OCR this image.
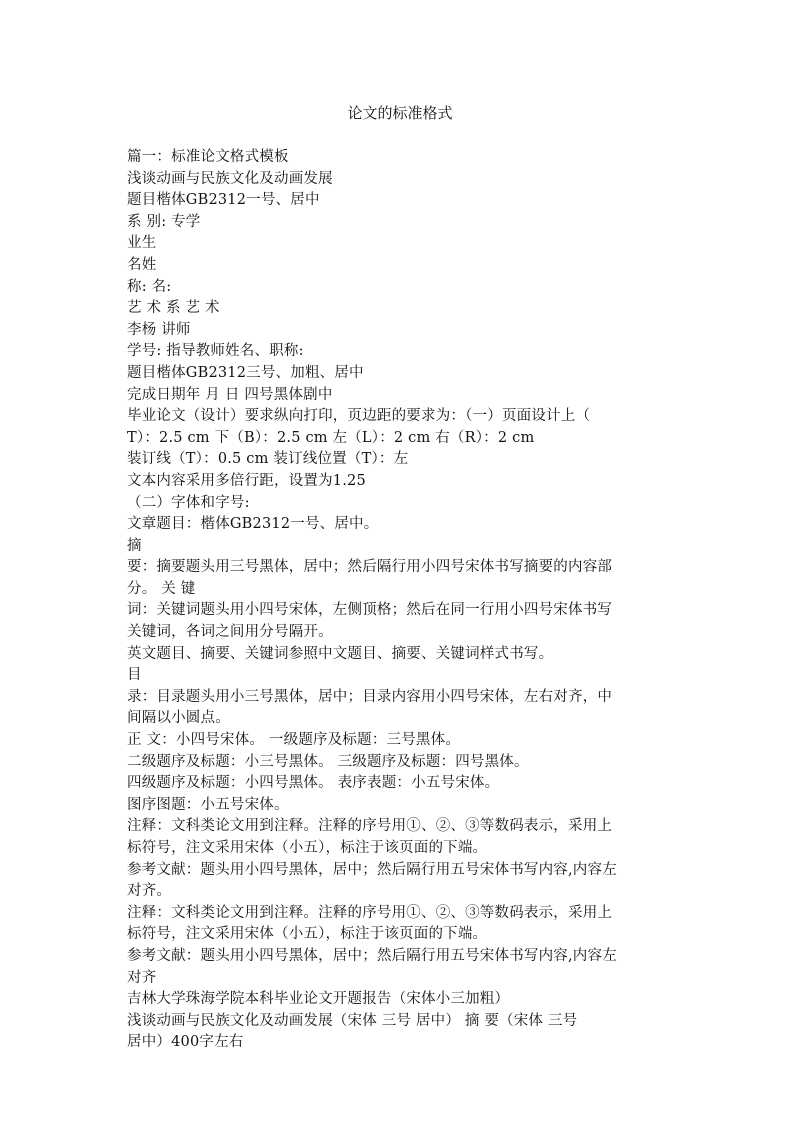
论文的标准格式
篇一：标准论文格式模板
浅谈动画与民族文化及动画发展
题目楷体GB2312一号、居中
系 别: 专学
业生
名姓
称: 名:
艺 术 系 艺 术
李杨 讲师
学号: 指导教师姓名、职称:
题目楷体GB2312三号、加粗、居中
完成日期年 月 日 四号黑体剧中
毕业论文（设计）要求纵向打印，页边距的要求为：（一）页面设计上（
T）：2.5 cm 下（B）：2.5 cm 左（L）：2 cm 右（R）：2 cm
装订线（T）：0.5 cm 装订线位置（T）：左
文本内容采用多倍行距，设置为1.25
（二）字体和字号:
文章题目：楷体GB2312一号、居中。
摘
要：摘要题头用三号黑体，居中；然后隔行用小四号宋体书写摘要的内容部
分。 关 键
词：关键词题头用小四号宋体，左侧顶格；然后在同一行用小四号宋体书写
关键词，各词之间用分号隔开。
英文题目、摘要、关键词参照中文题目、摘要、关键词样式书写。
目
录：目录题头用小三号黑体，居中；目录内容用小四号宋体，左右对齐，中
间隔以小圆点。
正 文：小四号宋体。 一级题序及标题：三号黑体。
二级题序及标题：小三号黑体。 三级题序及标题：四号黑体。
四级题序及标题：小四号黑体。 表序表题：小五号宋体。
图序图题：小五号宋体。
注释：文科类论文用到注释。注释的序号用①、②、③等数码表示，采用上
标符号，注文采用宋体（小五），标注于该页面的下端。
参考文献：题头用小四号黑体，居中；然后隔行用五号宋体书写内容,内容左
对齐。
注释：文科类论文用到注释。注释的序号用①、②、③等数码表示，采用上
标符号，注文采用宋体（小五），标注于该页面的下端。
参考文献：题头用小四号黑体，居中；然后隔行用五号宋体书写内容,内容左
对齐
吉林大学珠海学院本科毕业论文开题报告（宋体小三加粗）
浅谈动画与民族文化及动画发展（宋体 三号 居中） 摘 要（宋体 三号
居中）400字左右
